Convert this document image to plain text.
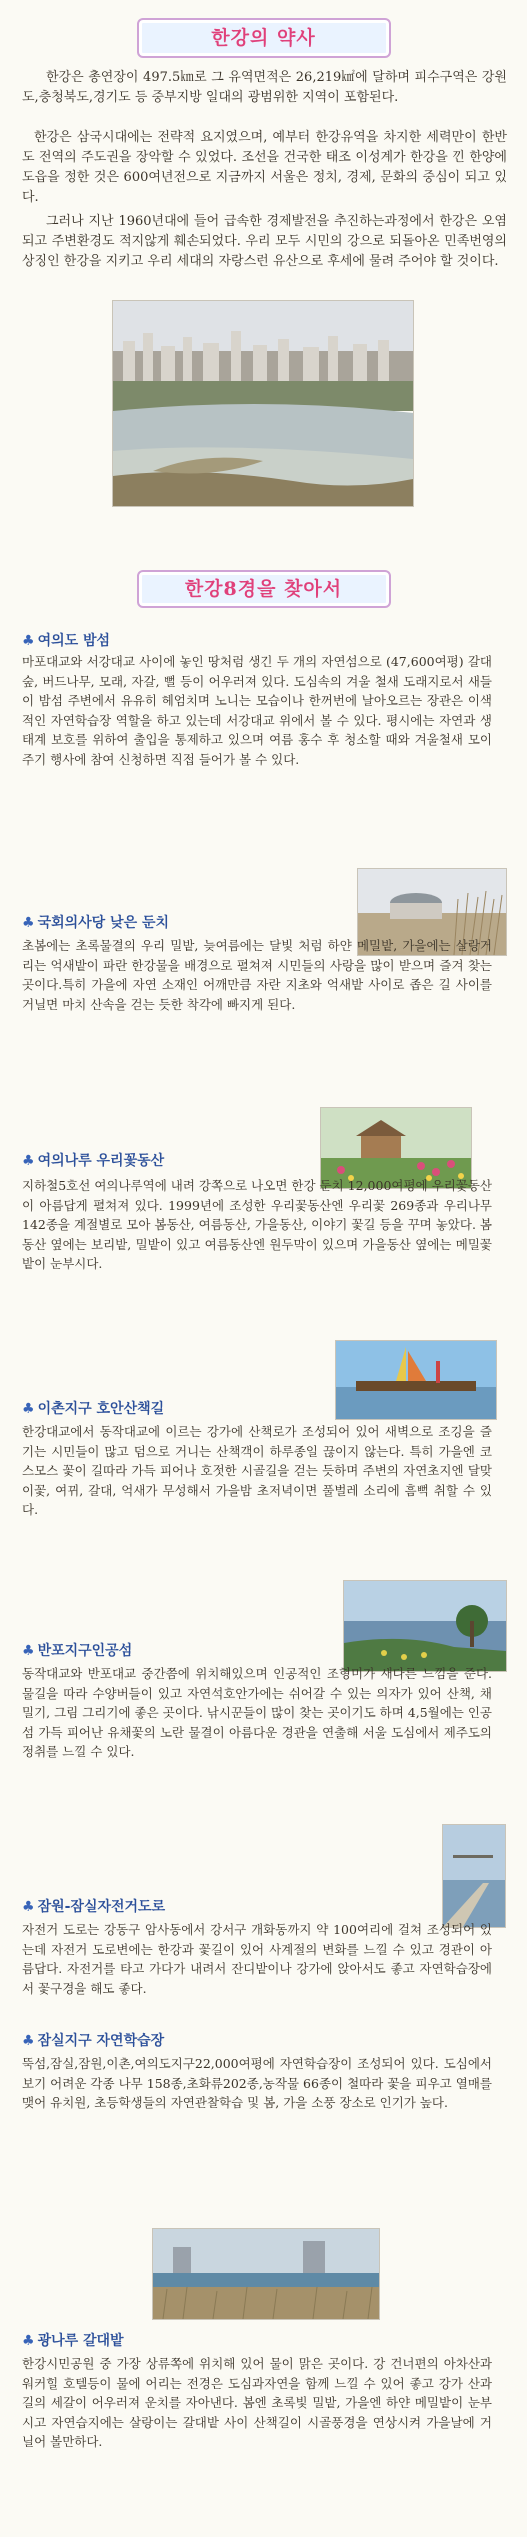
한강의 약사
한강은 총연장이 497.5㎞로 그 유역면적은 26,219㎢에 달하며 피수구역은 강원도,충청북도,경기도 등 중부지방 일대의 광범위한 지역이 포함된다.
한강은 삼국시대에는 전략적 요지였으며, 예부터 한강유역을 차지한 세력만이 한반도 전역의 주도권을 장악할 수 있었다. 조선을 건국한 태조 이성계가 한강을 낀 한양에 도읍을 정한 것은 600여년전으로 지금까지 서울은 정치, 경제, 문화의 중심이 되고 있다.
그러나 지난 1960년대에 들어 급속한 경제발전을 추진하는과정에서 한강은 오염되고 주변환경도 적지않게 훼손되었다. 우리 모두 시민의 강으로 되돌아온 민족번영의 상징인 한강을 지키고 우리 세대의 자랑스런 유산으로 후세에 물려 주어야 할 것이다.
한강8경을 찾아서
♣ 여의도 밤섬
마포대교와 서강대교 사이에 놓인 땅처럼 생긴 두 개의 자연섬으로 (47,600여평) 갈대숲, 버드나무, 모래, 자갈, 뻘 등이 어우러져 있다. 도심속의 겨울 철새 도래지로서 새들이 밤섬 주변에서 유유히 헤엄치며 노니는 모습이나 한꺼번에 날아오르는 장관은 이색적인 자연학습장 역할을 하고 있는데 서강대교 위에서 볼 수 있다. 평시에는 자연과 생태계 보호를 위하여 출입을 통제하고 있으며 여름 홍수 후 청소할 때와 겨울철새 모이주기 행사에 참여 신청하면 직접 들어가 볼 수 있다.
♣ 국회의사당 낮은 둔치
초봄에는 초록물결의 우리 밀밭, 늦여름에는 달빛 처럼 하얀 메밀밭, 가을에는 살랑거리는 억새밭이 파란 한강물을 배경으로 펼쳐져 시민들의 사랑을 많이 받으며 즐겨 찾는 곳이다.특히 가을에 자연 소재인 어깨만큼 자란 지초와 억새밭 사이로 좁은 길 사이를 거닐면 마치 산속을 걷는 듯한 착각에 빠지게 된다.
♣ 여의나루 우리꽃동산
지하철5호선 여의나루역에 내려 강쪽으로 나오면 한강 둔치 12,000여평에 우리꽃동산이 아름답게 펼쳐져 있다. 1999년에 조성한 우리꽃동산엔 우리꽃 269종과 우리나무 142종을 계절별로 모아 봄동산, 여름동산, 가을동산, 이야기 꽃길 등을 꾸며 놓았다. 봄동산 옆에는 보리밭, 밀밭이 있고 여름동산엔 원두막이 있으며 가을동산 옆에는 메밀꽃밭이 눈부시다.
♣ 이촌지구 호안산책길
한강대교에서 동작대교에 이르는 강가에 산책로가 조성되어 있어 새벽으로 조깅을 즐기는 시민들이 많고 덤으로 거니는 산책객이 하루종일 끊이지 않는다. 특히 가을엔 코스모스 꽃이 길따라 가득 피어나 호젓한 시골길을 걷는 듯하며 주변의 자연초지엔 달맞이꽃, 여뀌, 갈대, 억새가 무성해서 가을밤 초저녁이면 풀벌레 소리에 흠뻑 취할 수 있다.
♣ 반포지구인공섬
동작대교와 반포대교 중간쯤에 위치해있으며 인공적인 조형미가 새다른 느낌을 준다. 물길을 따라 수양버들이 있고 자연석호안가에는 쉬어갈 수 있는 의자가 있어 산책, 채밀기, 그림 그리기에 좋은 곳이다. 낚시꾼들이 많이 찾는 곳이기도 하며 4,5월에는 인공섬 가득 피어난 유채꽃의 노란 물결이 아름다운 경관을 연출해 서울 도심에서 제주도의 정취를 느낄 수 있다.
♣ 잠원-잠실자전거도로
자전거 도로는 강동구 암사동에서 강서구 개화동까지 약 100여리에 걸쳐 조성되어 있는데 자전거 도로변에는 한강과 꽃길이 있어 사계절의 변화를 느낄 수 있고 경관이 아름답다. 자전거를 타고 가다가 내려서 잔디밭이나 강가에 앉아서도 좋고 자연학습장에서 꽃구경을 해도 좋다.
♣ 잠실지구 자연학습장
뚝섬,잠실,잠원,이촌,여의도지구22,000여평에 자연학습장이 조성되어 있다. 도심에서 보기 어려운 각종 나무 158종,초화류202종,농작물 66종이 철따라 꽃을 피우고 열매를 맺어 유치원, 초등학생들의 자연관찰학습 및 봄, 가을 소풍 장소로 인기가 높다.
♣ 광나루 갈대밭
한강시민공원 중 가장 상류쪽에 위치해 있어 물이 맑은 곳이다. 강 건너편의 아차산과 워커힐 호텔등이 물에 어리는 전경은 도심과자연을 함께 느낄 수 있어 좋고 강가 산과 길의 세갈이 어우러져 운치를 자아낸다. 봄엔 초록빛 밀밭, 가을엔 하얀 메밀밭이 눈부시고 자연습지에는 살랑이는 갈대밭 사이 산책길이 시골풍경을 연상시켜 가을날에 거닐어 볼만하다.
